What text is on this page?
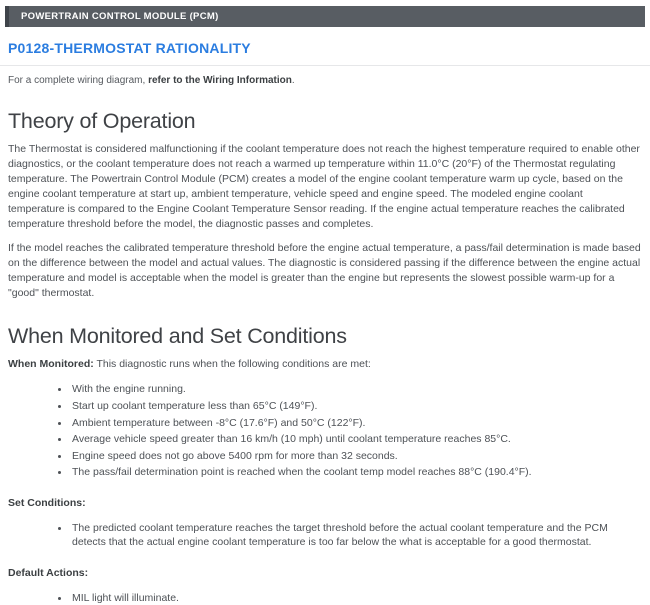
POWERTRAIN CONTROL MODULE (PCM)
P0128-THERMOSTAT RATIONALITY

For a complete wiring diagram, refer to the Wiring Information.

Theory of Operation

The Thermostat is considered malfunctioning if the coolant temperature does not reach the highest temperature required to enable other diagnostics, or the coolant temperature does not reach a warmed up temperature within 11.0°C (20°F) of the Thermostat regulating temperature. The Powertrain Control Module (PCM) creates a model of the engine coolant temperature warm up cycle, based on the engine coolant temperature at start up, ambient temperature, vehicle speed and engine speed. The modeled engine coolant temperature is compared to the Engine Coolant Temperature Sensor reading. If the engine actual temperature reaches the calibrated temperature threshold before the model, the diagnostic passes and completes.

If the model reaches the calibrated temperature threshold before the engine actual temperature, a pass/fail determination is made based on the difference between the model and actual values. The diagnostic is considered passing if the difference between the engine actual temperature and model is acceptable when the model is greater than the engine but represents the slowest possible warm-up for a "good" thermostat.

When Monitored and Set Conditions

When Monitored: This diagnostic runs when the following conditions are met:

• With the engine running.
• Start up coolant temperature less than 65°C (149°F).
• Ambient temperature between -8°C (17.6°F) and 50°C (122°F).
• Average vehicle speed greater than 16 km/h (10 mph) until coolant temperature reaches 85°C.
• Engine speed does not go above 5400 rpm for more than 32 seconds.
• The pass/fail determination point is reached when the coolant temp model reaches 88°C (190.4°F).

Set Conditions:

• The predicted coolant temperature reaches the target threshold before the actual coolant temperature and the PCM detects that the actual engine coolant temperature is too far below the what is acceptable for a good thermostat.

Default Actions:

• MIL light will illuminate.
